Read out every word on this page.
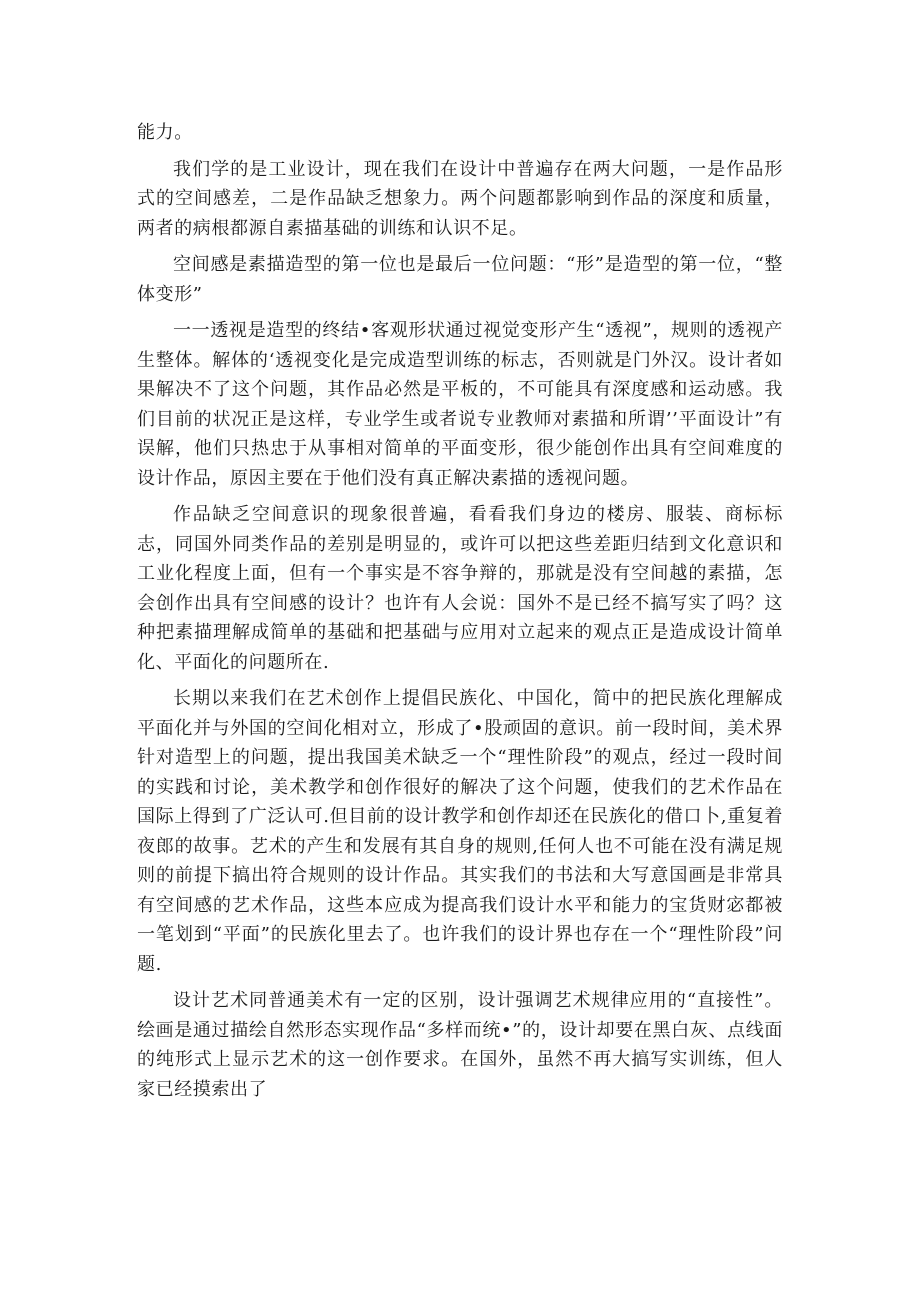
能力。

我们学的是工业设计，现在我们在设计中普遍存在两大问题，一是作品形式的空间感差，二是作品缺乏想象力。两个问题都影响到作品的深度和质量，两者的病根都源自素描基础的训练和认识不足。

空间感是素描造型的第一位也是最后一位问题：“形”是造型的第一位，“整体变形”

一一透视是造型的终结•客观形状通过视觉变形产生“透视”，规则的透视产生整体。解体的‘透视变化是完成造型训练的标志，否则就是门外汉。设计者如果解决不了这个问题，其作品必然是平板的，不可能具有深度感和运动感。我们目前的状况正是这样，专业学生或者说专业教师对素描和所谓’’平面设计”有误解，他们只热忠于从事相对简单的平面变形，很少能创作出具有空间难度的设计作品，原因主要在于他们没有真正解决素描的透视问题。

作品缺乏空间意识的现象很普遍，看看我们身边的楼房、服装、商标标志，同国外同类作品的差别是明显的，或许可以把这些差距归结到文化意识和工业化程度上面，但有一个事实是不容争辩的，那就是没有空间越的素描，怎会创作出具有空间感的设计？也许有人会说：国外不是已经不搞写实了吗？这种把素描理解成简单的基础和把基础与应用对立起来的观点正是造成设计简单化、平面化的问题所在.

长期以来我们在艺术创作上提倡民族化、中国化，简中的把民族化理解成平面化并与外国的空间化相对立，形成了•股顽固的意识。前一段时间，美术界针对造型上的问题，提出我国美术缺乏一个“理性阶段”的观点，经过一段时间的实践和讨论，美术教学和创作很好的解决了这个问题，使我们的艺术作品在国际上得到了广泛认可.但目前的设计教学和创作却还在民族化的借口卜,重复着夜郎的故事。艺术的产生和发展有其自身的规则,任何人也不可能在没有满足规则的前提下搞出符合规则的设计作品。其实我们的书法和大写意国画是非常具有空间感的艺术作品，这些本应成为提高我们设计水平和能力的宝货财宓都被一笔划到“平面”的民族化里去了。也许我们的设计界也存在一个“理性阶段”问题.

设计艺术同普通美术有一定的区别，设计强调艺术规律应用的“直接性”。绘画是通过描绘自然形态实现作品“多样而统•”的，设计却要在黑白灰、点线面的纯形式上显示艺术的这一创作要求。在国外，虽然不再大搞写实训练，但人家已经摸索出了
